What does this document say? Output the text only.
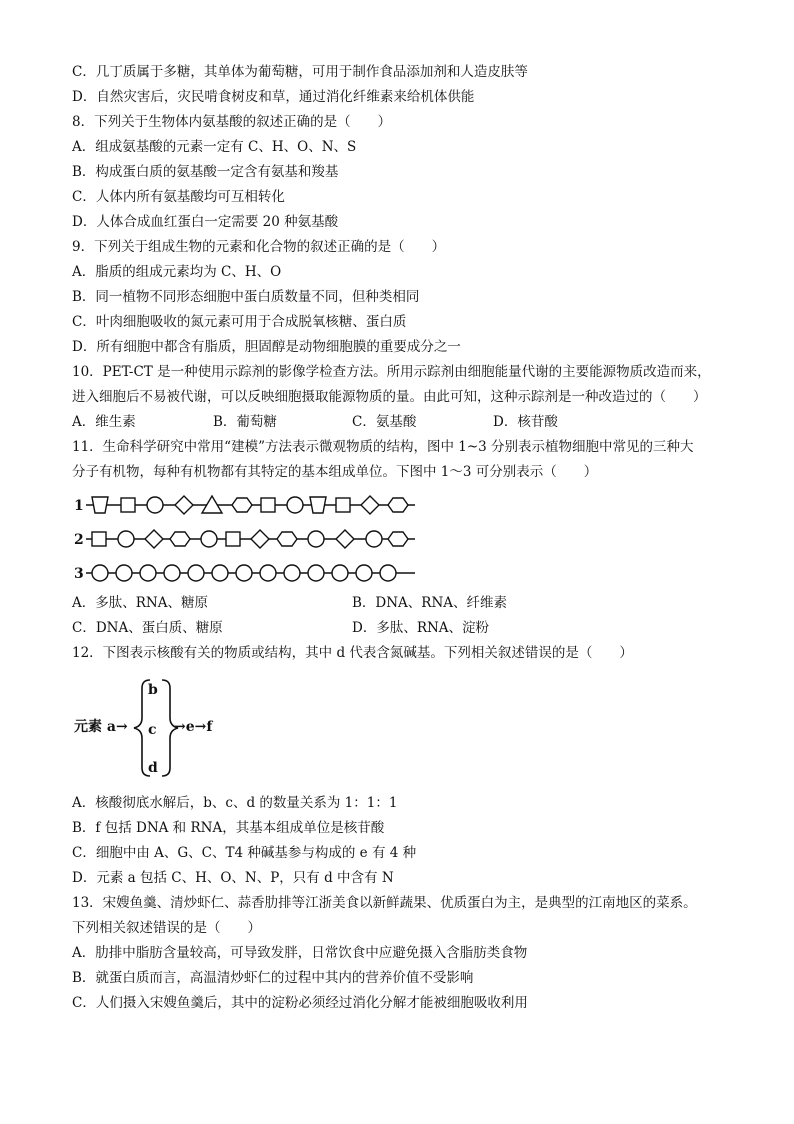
C．几丁质属于多糖，其单体为葡萄糖，可用于制作食品添加剂和人造皮肤等
D．自然灾害后，灾民啃食树皮和草，通过消化纤维素来给机体供能
8．下列关于生物体内氨基酸的叙述正确的是（　　）
A．组成氨基酸的元素一定有 C、H、O、N、S
B．构成蛋白质的氨基酸一定含有氨基和羧基
C．人体内所有氨基酸均可互相转化
D．人体合成血红蛋白一定需要 20 种氨基酸
9．下列关于组成生物的元素和化合物的叙述正确的是（　　）
A．脂质的组成元素均为 C、H、O
B．同一植物不同形态细胞中蛋白质数量不同，但种类相同
C．叶肉细胞吸收的氮元素可用于合成脱氧核糖、蛋白质
D．所有细胞中都含有脂质，胆固醇是动物细胞膜的重要成分之一
10．PET-CT 是一种使用示踪剂的影像学检查方法。所用示踪剂由细胞能量代谢的主要能源物质改造而来，
进入细胞后不易被代谢，可以反映细胞摄取能源物质的量。由此可知，这种示踪剂是一种改造过的（　　）
A．维生素	B．葡萄糖	C．氨基酸	D．核苷酸
11．生命科学研究中常用“建模”方法表示微观物质的结构，图中 1~3 分别表示植物细胞中常见的三种大
分子有机物，每种有机物都有其特定的基本组成单位。下图中 1～3 可分别表示（　　）
1
2
3
A．多肽、RNA、糖原	B．DNA、RNA、纤维素
C．DNA、蛋白质、糖原	D．多肽、RNA、淀粉
12．下图表示核酸有关的物质或结构，其中 d 代表含氮碱基。下列相关叙述错误的是（　　）
元素 a→
b
c
d
→e→f
A．核酸彻底水解后，b、c、d 的数量关系为 1：1：1
B．f 包括 DNA 和 RNA，其基本组成单位是核苷酸
C．细胞中由 A、G、C、T4 种碱基参与构成的 e 有 4 种
D．元素 a 包括 C、H、O、N、P，只有 d 中含有 N
13．宋嫂鱼羹、清炒虾仁、蒜香肋排等江浙美食以新鲜蔬果、优质蛋白为主，是典型的江南地区的菜系。
下列相关叙述错误的是（　　）
A．肋排中脂肪含量较高，可导致发胖，日常饮食中应避免摄入含脂肪类食物
B．就蛋白质而言，高温清炒虾仁的过程中其内的营养价值不受影响
C．人们摄入宋嫂鱼羹后，其中的淀粉必须经过消化分解才能被细胞吸收利用
